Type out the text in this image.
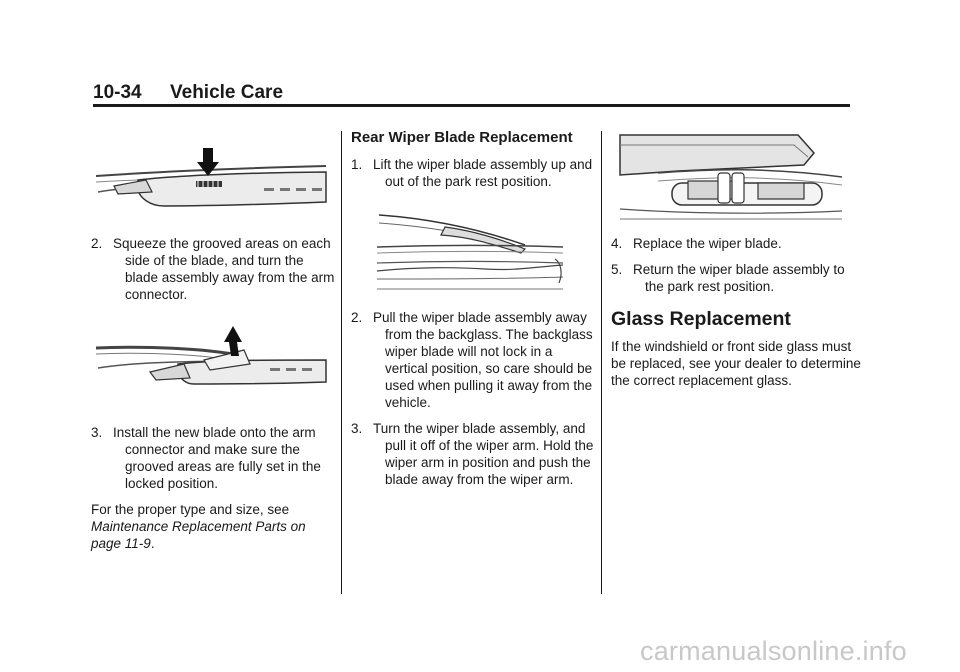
10-34 Vehicle Care
2. Squeeze the grooved areas on each side of the blade, and turn the blade assembly away from the arm connector.
3. Install the new blade onto the arm connector and make sure the grooved areas are fully set in the locked position.

For the proper type and size, see Maintenance Replacement Parts on page 11-9.

Rear Wiper Blade Replacement
1. Lift the wiper blade assembly up and out of the park rest position.
2. Pull the wiper blade assembly away from the backglass. The backglass wiper blade will not lock in a vertical position, so care should be used when pulling it away from the vehicle.
3. Turn the wiper blade assembly, and pull it off of the wiper arm. Hold the wiper arm in position and push the blade away from the wiper arm.
4. Replace the wiper blade.
5. Return the wiper blade assembly to the park rest position.
Glass Replacement

If the windshield or front side glass must be replaced, see your dealer to determine the correct replacement glass.

carmanualsonline.info
